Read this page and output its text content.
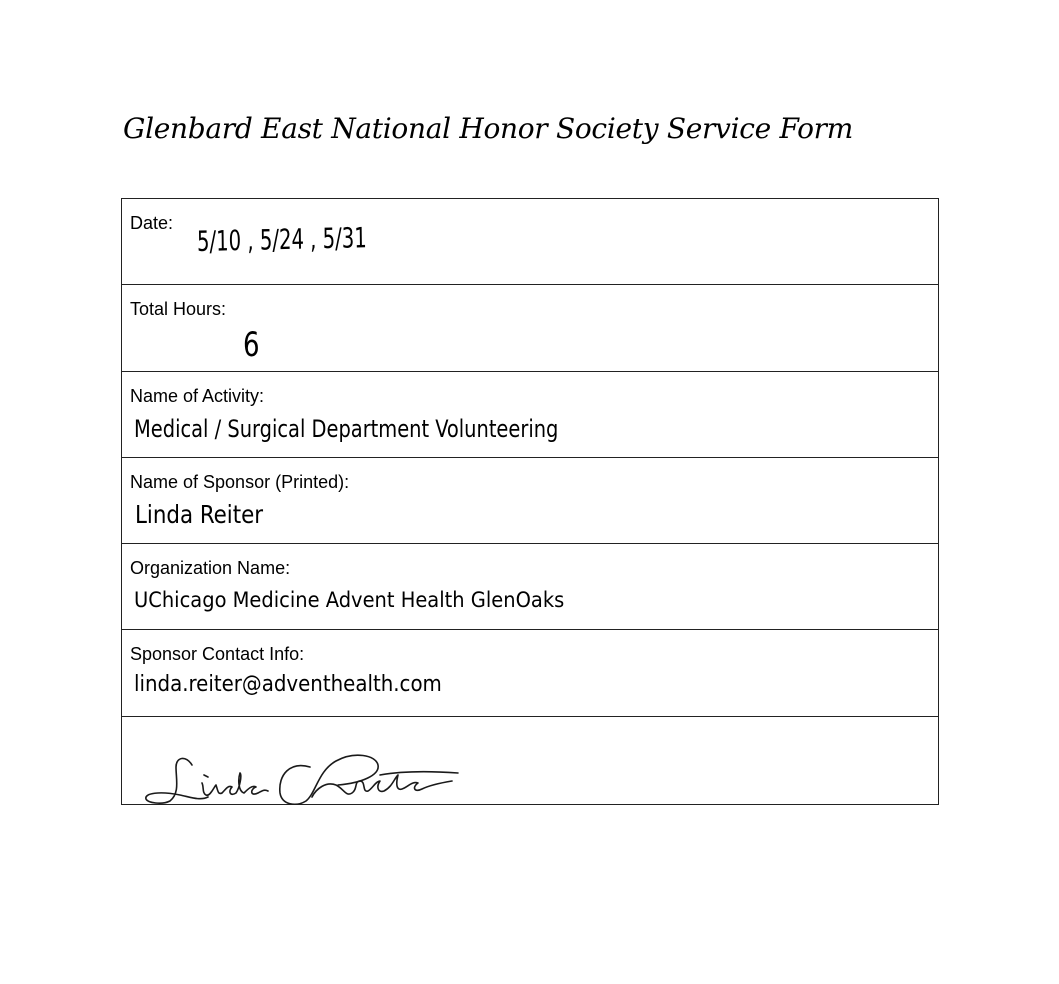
Glenbard East National Honor Society Service Form
Date: 5/10 , 5/24 , 5/31
Total Hours:
6
Name of Activity:
Medical / Surgical Department Volunteering
Name of Sponsor (Printed):
Linda Reiter
Organization Name:
UChicago Medicine Advent Health GlenOaks
Sponsor Contact Info:
linda.reiter@adventhealth.com
